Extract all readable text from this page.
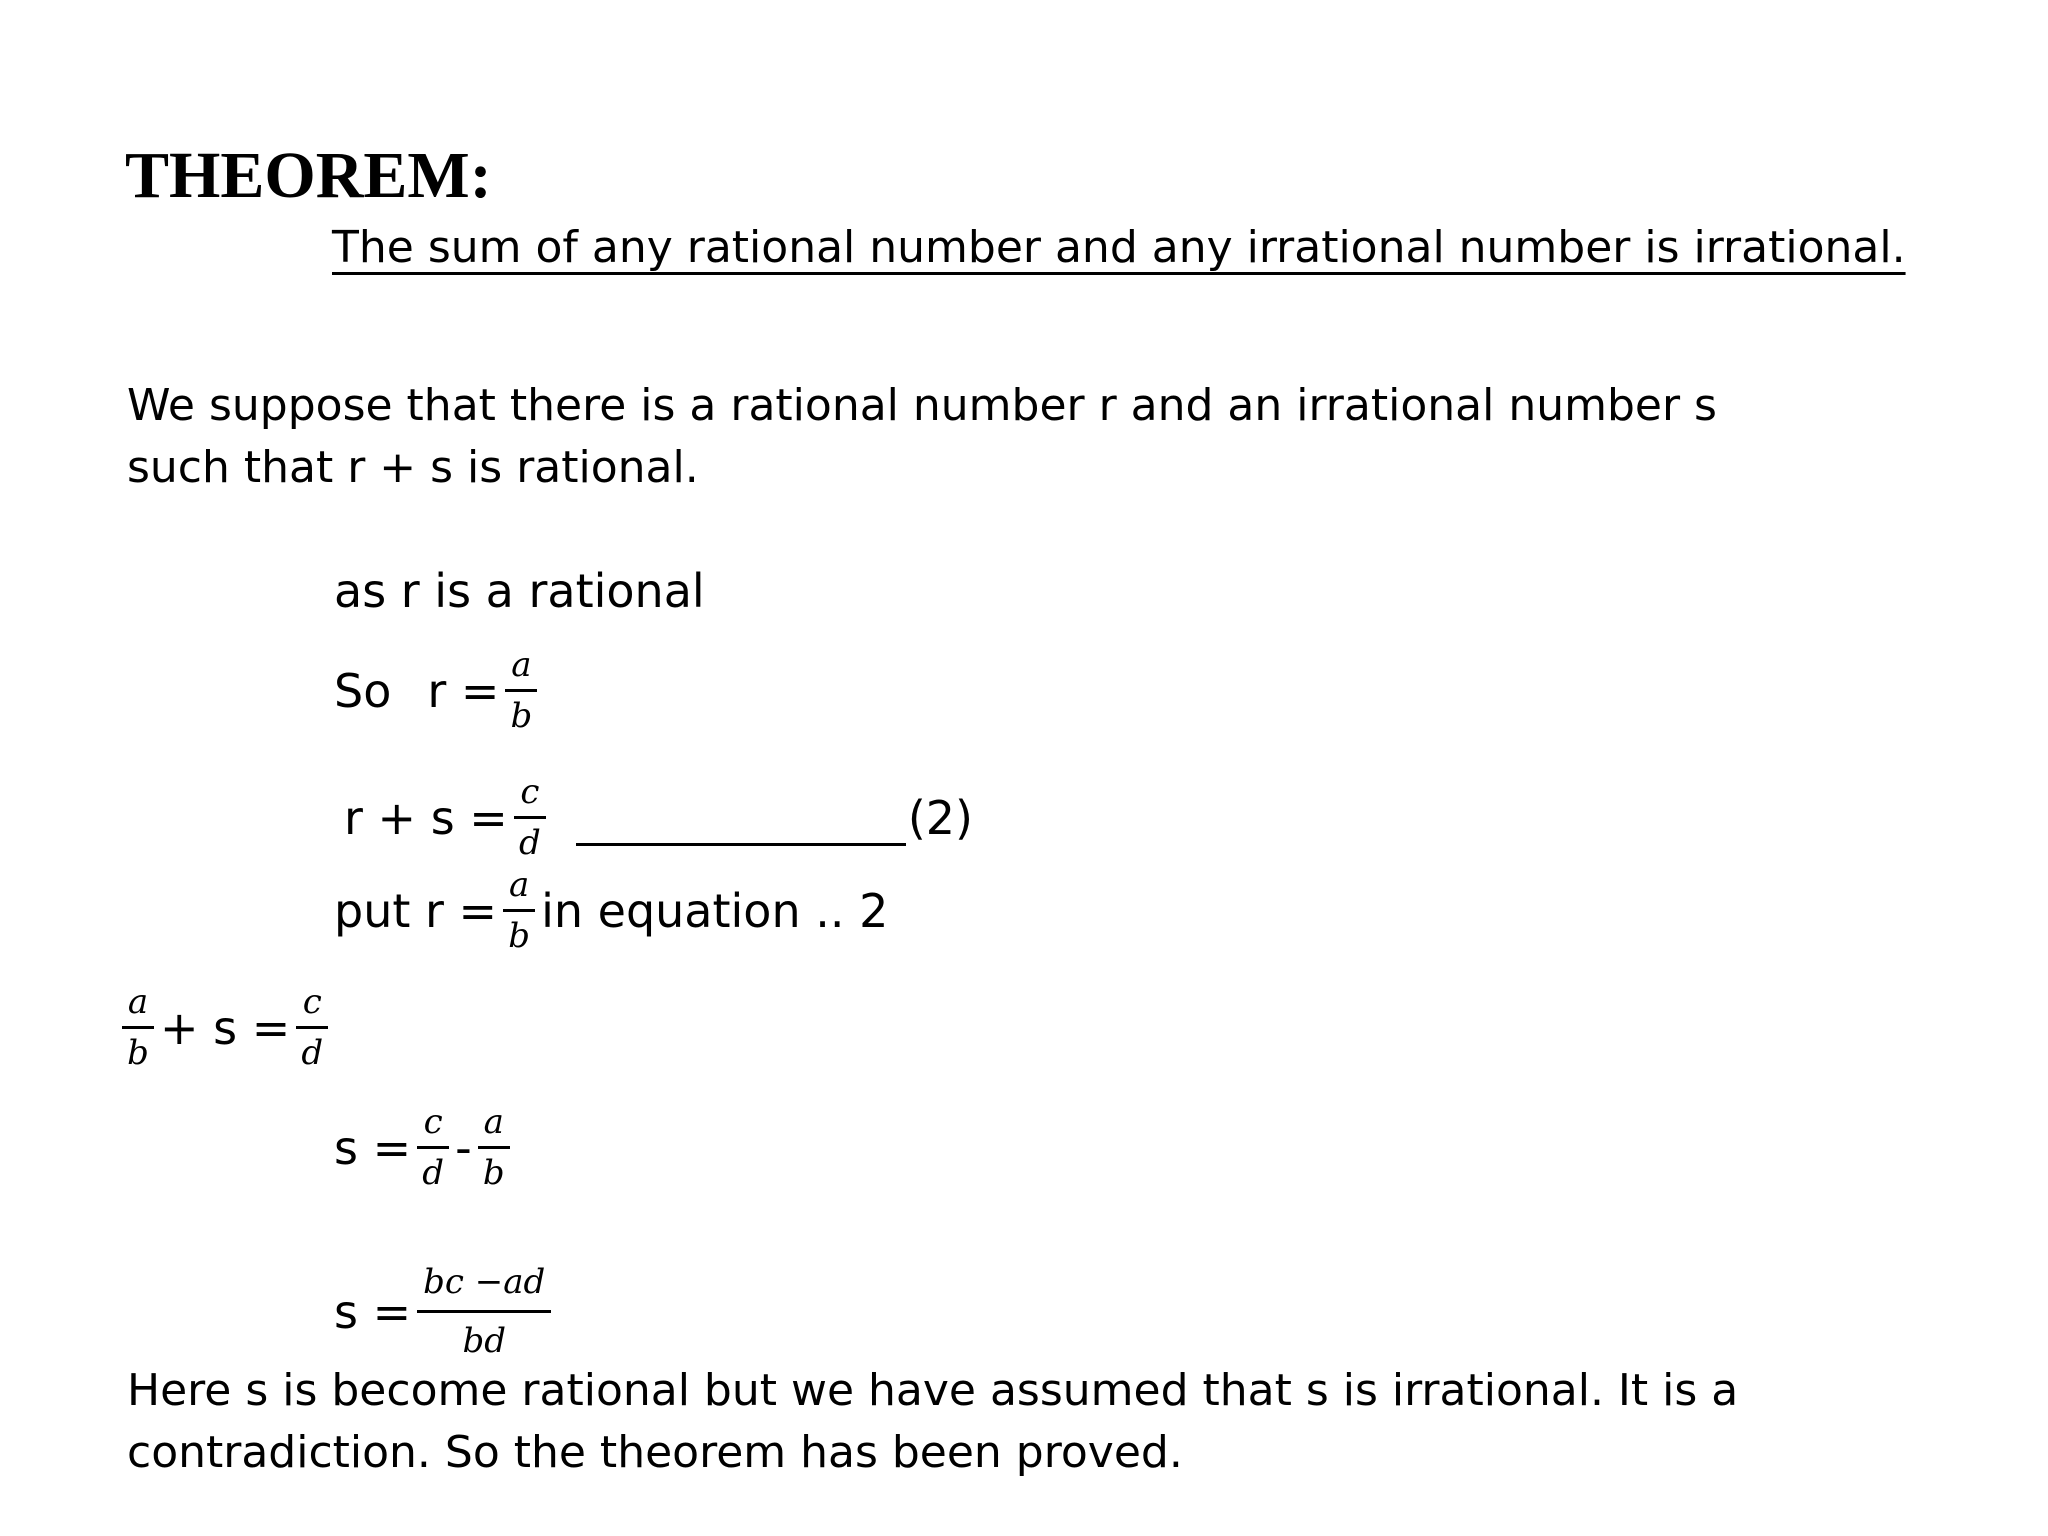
THEOREM:
The sum of any rational number and any irrational number is irrational.

We suppose that there is a rational number r and an irrational number s

such that r + s is rational.

as r is a rational
So $r = \frac{a}{b}$
$r + s = \frac{c}{d}$	(2)
put $r = \frac{a}{b}$ in equation .. 2
$\frac{a}{b} + s = \frac{c}{d}$
$s = \frac{c}{d} - \frac{a}{b}$
$s = \frac{bc -ad}{bd}$

Here s is become rational but we have assumed that s is irrational. It is a

contradiction. So the theorem has been proved.
